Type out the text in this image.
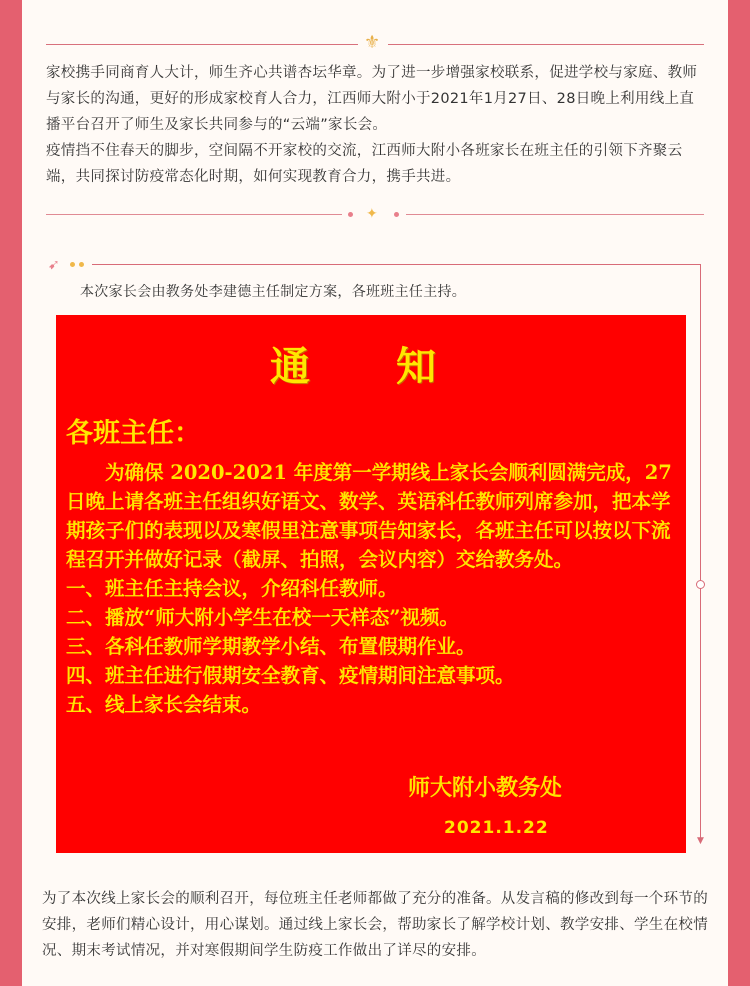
⚜

家校携手同商育人大计，师生齐心共谱杏坛华章。为了进一步增强家校联系，促进学校与家庭、教师与家长的沟通，更好的形成家校育人合力，江西师大附小于2021年1月27日、28日晚上利用线上直播平台召开了师生及家长共同参与的“云端”家长会。

疫情挡不住春天的脚步，空间隔不开家校的交流，江西师大附小各班家长在班主任的引领下齐聚云端，共同探讨防疫常态化时期，如何实现教育合力，携手共进。

✦
➹
▼
本次家长会由教务处李建德主任制定方案，各班班主任主持。
通 知
各班主任：

为确保 2020-2021 年度第一学期线上家长会顺利圆满完成，27 日晚上请各班主任组织好语文、数学、英语科任教师列席参加，把本学期孩子们的表现以及寒假里注意事项告知家长，各班主任可以按以下流程召开并做好记录（截屏、拍照，会议内容）交给教务处。

一、班主任主持会议，介绍科任教师。

二、播放“师大附小学生在校一天样态”视频。

三、各科任教师学期教学小结、布置假期作业。

四、班主任进行假期安全教育、疫情期间注意事项。

五、线上家长会结束。

师大附小教务处
2021.1.22

为了本次线上家长会的顺利召开，每位班主任老师都做了充分的准备。从发言稿的修改到每一个环节的安排，老师们精心设计，用心谋划。通过线上家长会，帮助家长了解学校计划、教学安排、学生在校情况、期末考试情况，并对寒假期间学生防疫工作做出了详尽的安排。
